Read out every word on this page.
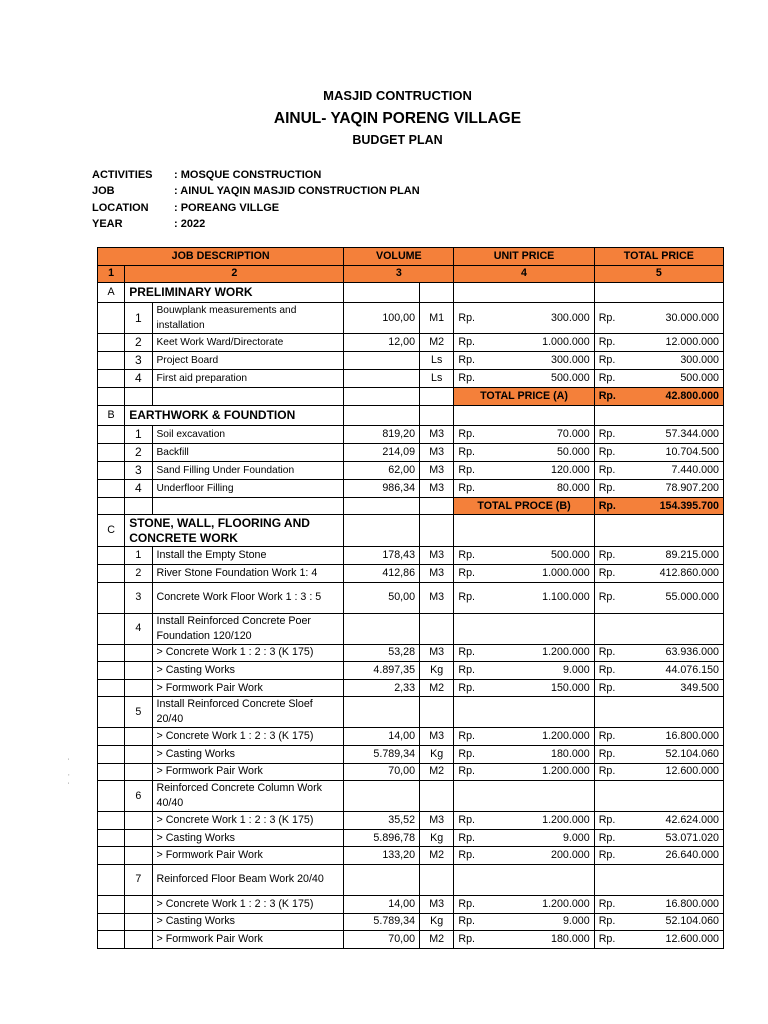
MASJID CONTRUCTION
AINUL- YAQIN PORENG VILLAGE
BUDGET PLAN
ACTIVITIES : MOSQUE CONSTRUCTION
JOB	: AINUL YAQIN MASJID CONSTRUCTION PLAN
LOCATION : POREANG VILLGE
YEAR	: 2022
'
,
'
JOB DESCRIPTION			VOLUME		UNIT PRICE		TOTAL PRICE	
1	2		3		4		5	
A	PRELIMINARY WORK							
	1	Bouwplank measurements and installation	100,00	M1	Rp.	300.000	Rp.	30.000.000
	2	Keet Work Ward/Directorate	12,00	M2	Rp.	1.000.000	Rp.	12.000.000
	3	Project Board		Ls	Rp.	300.000	Rp.	300.000
	4	First aid preparation		Ls	Rp.	500.000	Rp.	500.000
					TOTAL PRICE (A)		Rp.	42.800.000
B	EARTHWORK & FOUNDTION							
	1	Soil excavation	819,20	M3	Rp.	70.000	Rp.	57.344.000
	2	Backfill	214,09	M3	Rp.	50.000	Rp.	10.704.500
	3	Sand Filling Under Foundation	62,00	M3	Rp.	120.000	Rp.	7.440.000
	4	Underfloor Filling	986,34	M3	Rp.	80.000	Rp.	78.907.200
					TOTAL PROCE (B)		Rp.	154.395.700
C	STONE, WALL, FLOORING AND CONCRETE WORK							
	1	Install the Empty Stone	178,43	M3	Rp.	500.000	Rp.	89.215.000
	2	River Stone Foundation Work 1: 4	412,86	M3	Rp.	1.000.000	Rp.	412.860.000
	3	Concrete Work Floor Work 1 : 3 : 5	50,00	M3	Rp.	1.100.000	Rp.	55.000.000
	4	Install Reinforced Concrete Poer Foundation 120/120						
		> Concrete Work 1 : 2 : 3 (K 175)	53,28	M3	Rp.	1.200.000	Rp.	63.936.000
		> Casting Works	4.897,35	Kg	Rp.	9.000	Rp.	44.076.150
		> Formwork Pair Work	2,33	M2	Rp.	150.000	Rp.	349.500
	5	Install Reinforced Concrete Sloef 20/40						
		> Concrete Work 1 : 2 : 3 (K 175)	14,00	M3	Rp.	1.200.000	Rp.	16.800.000
		> Casting Works	5.789,34	Kg	Rp.	180.000	Rp.	52.104.060
		> Formwork Pair Work	70,00	M2	Rp.	1.200.000	Rp.	12.600.000
	6	Reinforced Concrete Column Work 40/40						
		> Concrete Work 1 : 2 : 3 (K 175)	35,52	M3	Rp.	1.200.000	Rp.	42.624.000
		> Casting Works	5.896,78	Kg	Rp.	9.000	Rp.	53.071.020
		> Formwork Pair Work	133,20	M2	Rp.	200.000	Rp.	26.640.000
	7	Reinforced Floor Beam Work 20/40						
		> Concrete Work 1 : 2 : 3 (K 175)	14,00	M3	Rp.	1.200.000	Rp.	16.800.000
		> Casting Works	5.789,34	Kg	Rp.	9.000	Rp.	52.104.060
		> Formwork Pair Work	70,00	M2	Rp.	180.000	Rp.	12.600.000
